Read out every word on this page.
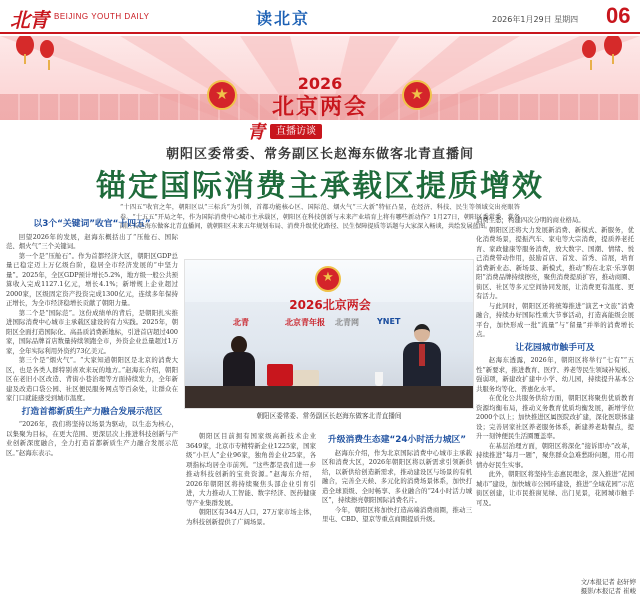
北青 BEIJING YOUTH DAILY	读北京	2026年1月29日 星期四 06
★
★
2026
北京两会
青	直播访谈
朝阳区委常委、常务副区长赵海东做客北青直播间
锚定国际消费主承载区提质增效
“十四五”收官之年，朝阳区以“三标兵”为引领，首都功能核心区、国际范、烟火气“三大新”特征凸显，在经济、科技、民生等领域交出亮眼答卷。“十五五”开局之年，作为国际消费中心城市主承载区，朝阳区在科技创新与未来产业培育上将有哪些新动作？1月27日，朝阳区委常委、常务副区长赵海东做客北青直播间，就朝阳区未来五年规划布局、消费升级优化路径、民生保障提质等话题与大家深入畅谈，共绘发展蓝图。
以3个“关键词”收官“十四五”

回望2026年的发展，赵海东概括出了“压舱石、国际范、烟火气”三个关键词。

第一个是“压舱石”。作为首都经济大区，朝阳区GDP总量已稳定迈上万亿级台阶，稳居全市经济发展的“中坚力量”。2025年，全区GDP预计增长5.2%，地方级一般公共预算收入完成1127.1亿元，增长4.1%；新增规上企业超过2000家，区级固定资产投资完成1300亿元，连续多年保持正增长，为全市经济稳增长贡献了朝阳力量。

第二个是“国际范”。这份成绩单的背后，是朝阳扎实推进国际消费中心城市主承载区建设的有力实践。2025年，朝阳区全面打造国际化、高品质消费新地标，引进首店超过400家，国际品牌首店数量持续领跑全市，外资企业总量超过1万家，全年实际利用外资约73亿美元。

第三个是“烟火气”。“大家知道朝阳区是北京的消费大区，也是各类人群特别喜欢来玩的地方。”赵海东介绍，朝阳区在老旧小区改造、背街小巷治理等方面持续发力，全年新建及改造口袋公园、社区便民服务网点等百余处，让群众在家门口就能感受到城市温度。

打造首都新质生产力融合发展示范区

“2026年，我们将坚持以场景为驱动，以生态为核心，以集聚为目标，在更大范围、更深层次上推进科技创新与产业创新深度融合，全力打造首都新质生产力融合发展示范区。”赵海东表示。

★
2026北京两会
北青	北京青年报 北青网 YNET
朝阳区委常委、常务副区长赵海东做客北青直播间

朝阳区目前拥有国家级高新技术企业3649家，北京市专精特新企业1225家，国家级“小巨人”企业96家，独角兽企业25家，各项指标均居全市前列。“这些都是我们进一步推动科技创新的宝贵资源。”赵海东介绍，2026年朝阳区将持续聚焦头部企业引育引进，大力推动人工智能、数字经济、医药健康等产业集群发展。

朝阳区有344万人口，27万家市场主体，为科技创新提供了广阔场景。

升级消费生态建“24小时活力城区”

赵海东介绍，作为北京国际消费中心城市主承载区和消费大区，2026年朝阳区将以新需求引领新供给，以新供给创造新需求，推动建设区与场景的有机融合，完善全天候、多元化的消费场景体系，加快打造全球顶级、全时畅享、多业融合的“24小时活力城区”，持续擦亮朝阳国际消费名片。

今年，朝阳区将加快打造高端消费商圈，推动三里屯、CBD、望京等重点商圈提质升级。

消费生态，构建四次分明的商业格局。

朝阳区还将大力发展新消费、新模式、新服务，优化消费场景，提振汽车、家电等大宗消费，提质养老托育、家政健康等服务消费，放大数字、国潮、情绪、悦己消费带动作用，鼓励首店、首发、首秀、首展，培育消费新业态、新场景、新模式，推动“购在北京·乐享朝阳”消费品牌持续擦亮，聚焦消费提质扩容，推动商圈、街区、社区等多元空间协同发展，让消费更有温度、更有活力。

与此同时，朝阳区还将统筹推进“演艺+文旅”消费融合，持续办好国际性重大节事活动，打造高能级会展平台，加快形成一批“流量”与“留量”并举的消费增长点。

让花园城市触手可及

赵海东透露，2026年，朝阳区将举行“七有”“五性”新要求，推进教育、医疗、养老等民生领域补短板、强弱项，新建改扩建中小学、幼儿园，持续提升基本公共服务均等化、普惠化水平。

在优化公共服务供给方面，朝阳区将聚焦优质教育资源均衡布局，推动义务教育优质均衡发展，新增学位2000个以上；加快推进区属医院改扩建，深化医联体建设；完善居家社区养老服务体系，新建养老助餐点，提升一刻钟便民生活圈覆盖率。

在基层治理方面，朝阳区将深化“接诉即办”改革，持续推进“每月一题”，聚焦群众急难愁盼问题，用心用情办好民生实事。

此外，朝阳区将坚持生态惠民理念，深入推进“花园城市”建设，加快城市公园环建设，推进“全域花园”示范街区创建，让市民推窗见绿、出门见景，花园城市触手可及。

文/本报记者 赵轩婷
摄影/本报记者 崔峻
